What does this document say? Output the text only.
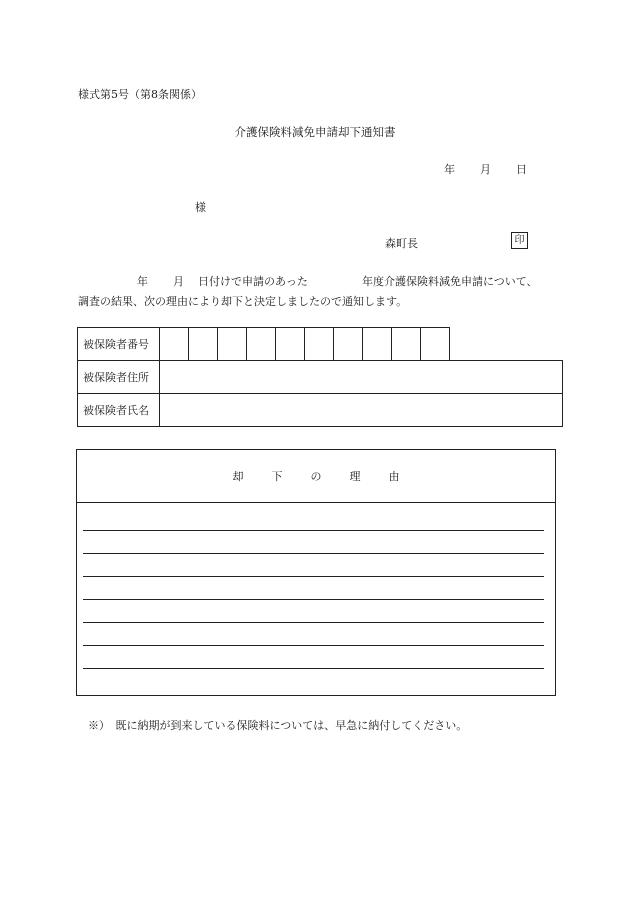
様式第5号（第8条関係）
介護保険料減免申請却下通知書
年 月 日
様
森町長	印
年 月 日付けで申請のあった	年度介護保険料減免申請について、
調査の結果、次の理由により却下と決定しましたので通知します。
被保険者番号											
被保険者住所											
被保険者氏名											
却	下	の	理	由
※）　既に納期が到来している保険料については、早急に納付してください。
